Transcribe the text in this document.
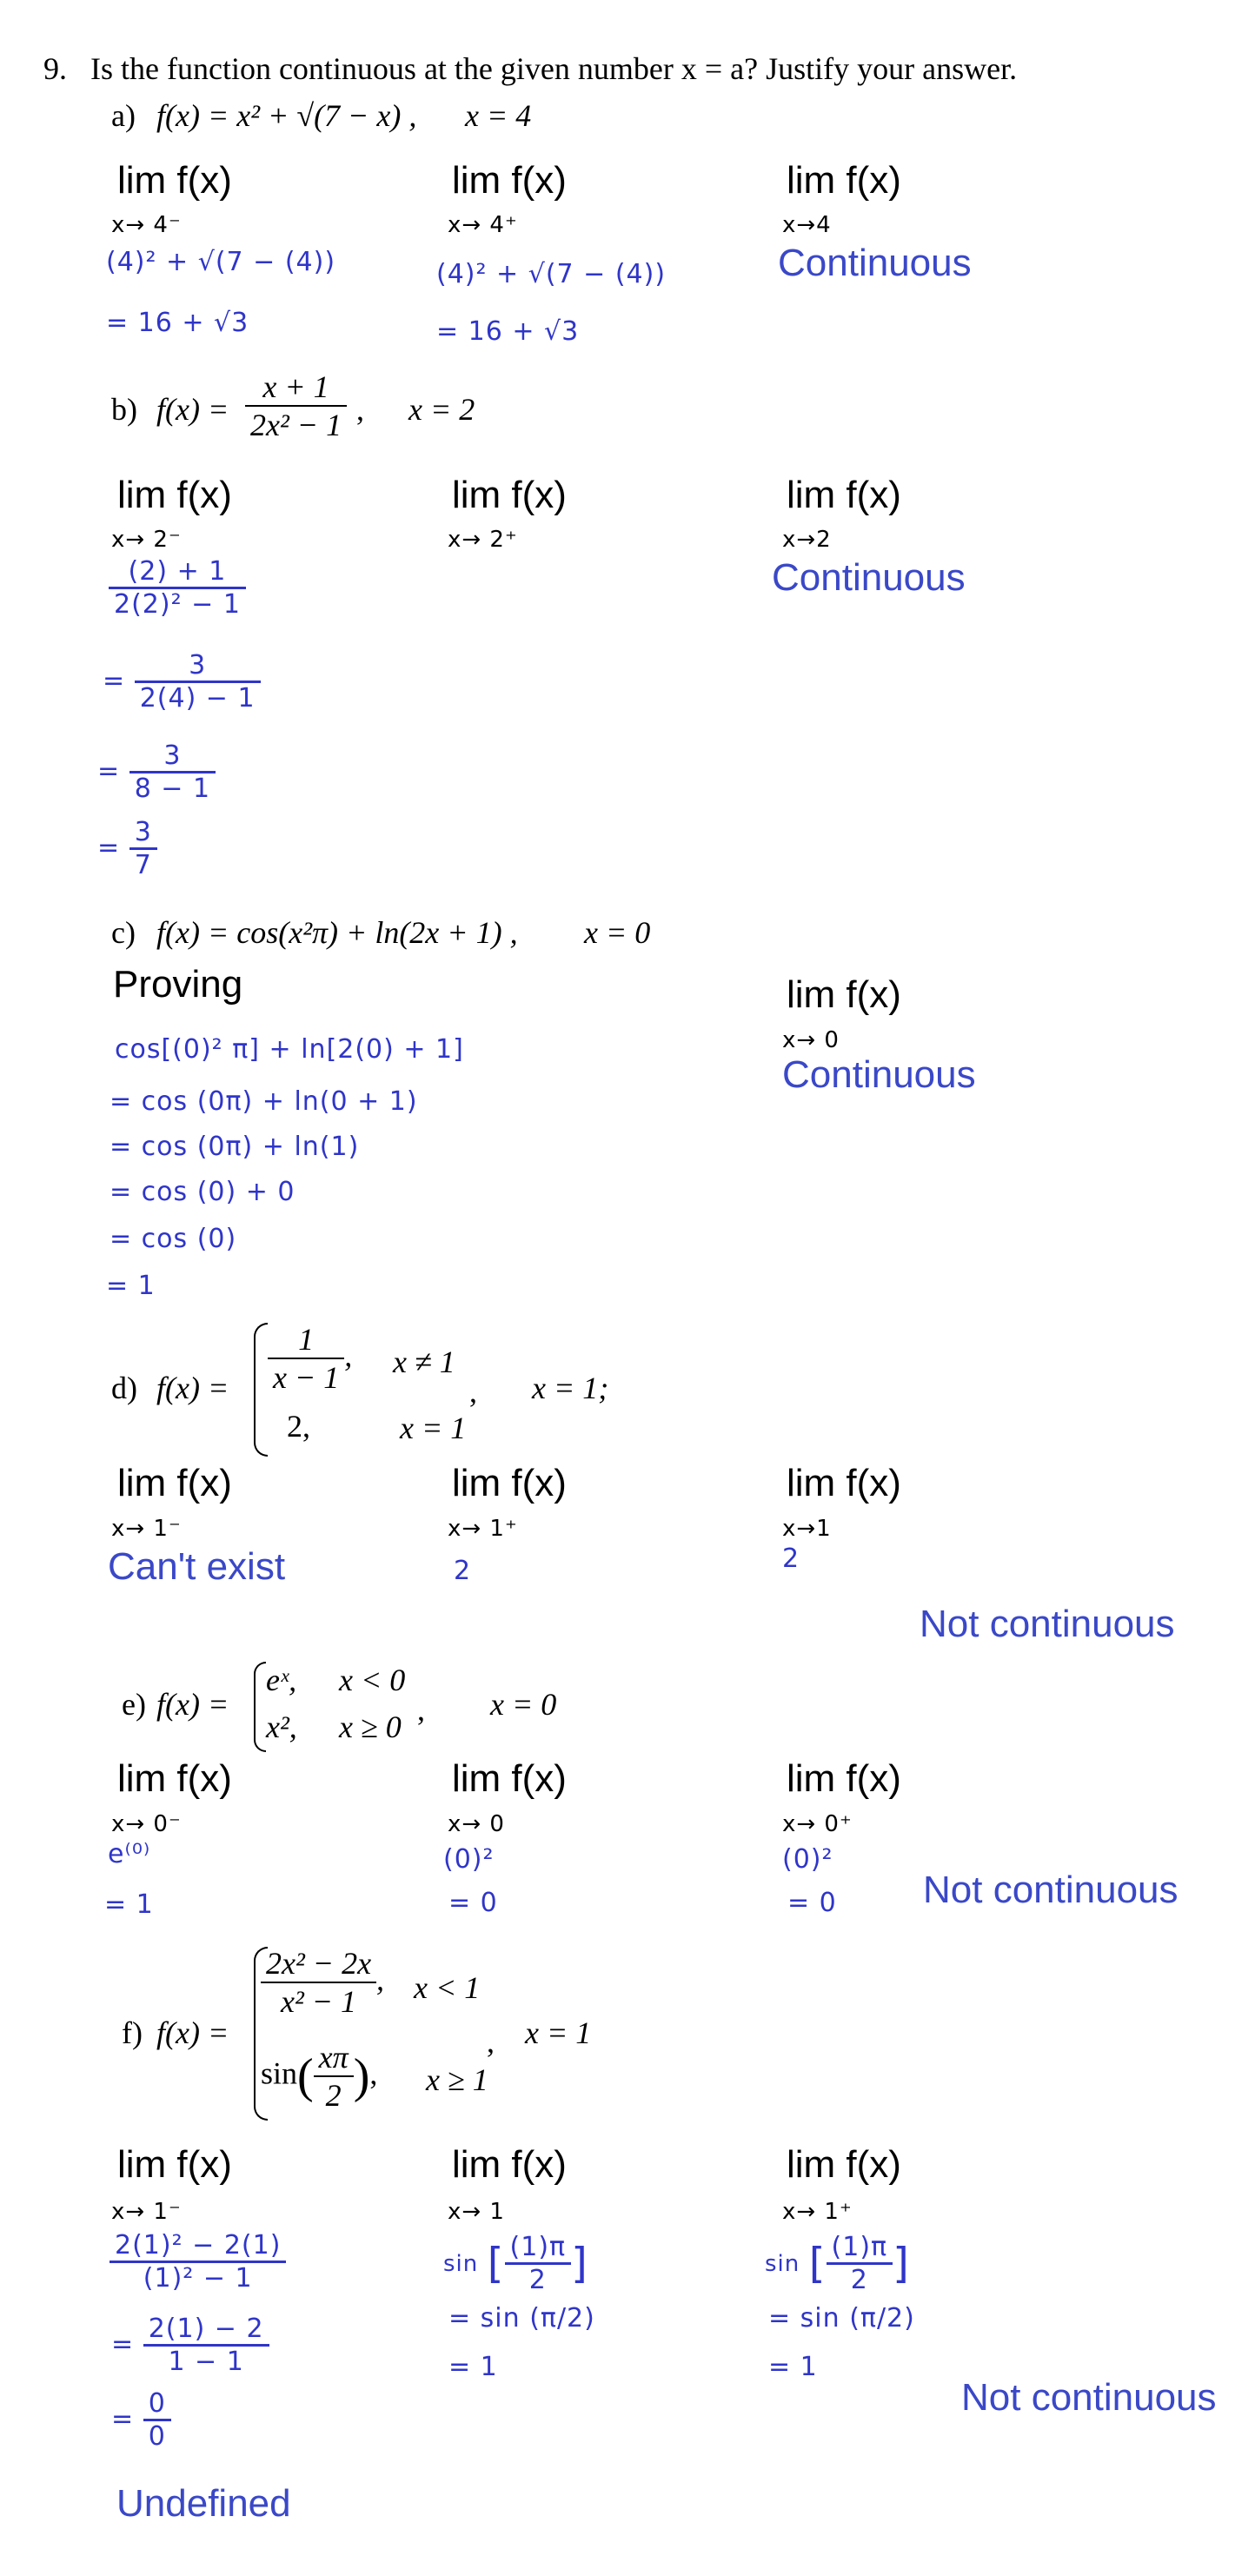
9. Is the function continuous at the given number x = a? Justify your answer.
a) f(x) = x² + √(7 − x) , x = 4
lim f(x)
x→ 4⁻
(4)² + √(7 − (4))
= 16 + √3
lim f(x)
x→ 4⁺
(4)² + √(7 − (4))
= 16 + √3
lim f(x)
x→4
Continuous
b) $f(x) = \frac{x + 1}{\text{2x² − 1}}$ , x = 2
lim f(x)
x→ 2⁻
$\frac{(2) + 1}{\text{2(2)² − 1}}$
= $\frac{3}{2(4) - 1}$
= $\frac{3}{8 - 1}$
= $\frac{3}{7}$
lim f(x)
x→ 2⁺
lim f(x)
x→2
Continuous
c) f(x) = cos(x²π) + ln(2x + 1) , x = 0
Proving
cos[(0)² π] + ln[2(0) + 1]
= cos (0π) + ln(0 + 1)
= cos (0π) + ln(1)
= cos (0) + 0
= cos (0)
= 1
lim f(x)
x→ 0
Continuous
d) $f(x) = \frac{1}{x - 1}$ , x ≠ 1
2,	x = 1
, x = 1;
lim f(x)
x→ 1⁻
Can't exist
lim f(x)
x→ 1⁺
2
lim f(x)
x→1
2
Not continuous
e) f(x) =
eˣ, x < 0
x², x ≥ 0 , x = 0
lim f(x)
x→ 0⁻
e⁽⁰⁾
= 1
lim f(x)
x→ 0
(0)²
= 0
lim f(x)
x→ 0⁺
(0)²
= 0 Not continuous
f) f(x) =
$\frac{\text{2x² − 2x}}{\text{x² − 1}}$ , x < 1
$\sin( \frac{x\pi}{2}$ ), x ≥ 1
, x = 1
lim f(x)
x→ 1⁻
$\frac{\text{2(1)² − 2(1)}}{\text{(1)² − 1}}$
= $\frac{2(1) - 2}{1 - 1}$
= $\frac{0}{0}$
Undefined
lim f(x)
x→ 1
sin [ $\frac{(1)\pi}{2}$ ]
= sin (π/2)
= 1
lim f(x)
x→ 1⁺
sin [ $\frac{(1)\pi}{2}$ ]
= sin (π/2)
= 1
Not continuous
